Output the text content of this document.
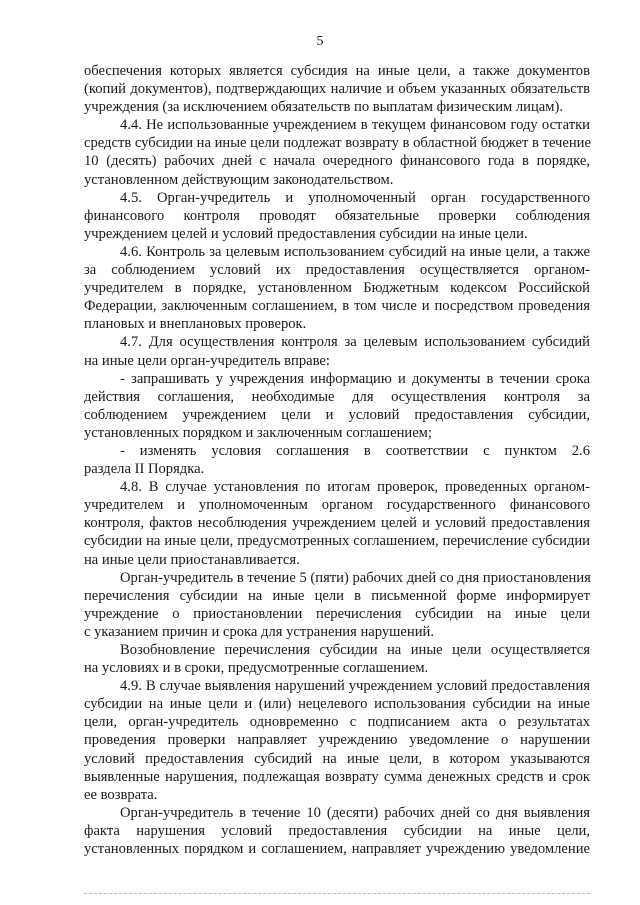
5
обеспечения которых является субсидия на иные цели, а также документов
(копий документов), подтверждающих наличие и объем указанных обязательств
учреждения (за исключением обязательств по выплатам физическим лицам).
4.4. Не использованные учреждением в текущем финансовом году остатки
средств субсидии на иные цели подлежат возврату в областной бюджет в течение
10 (десять) рабочих дней с начала очередного финансового года в порядке,
установленном действующим законодательством.
4.5. Орган-учредитель и уполномоченный орган государственного
финансового контроля проводят обязательные проверки соблюдения
учреждением целей и условий предоставления субсидии на иные цели.
4.6. Контроль за целевым использованием субсидий на иные цели, а также
за соблюдением условий их предоставления осуществляется органом-
учредителем в порядке, установленном Бюджетным кодексом Российской
Федерации, заключенным соглашением, в том числе и посредством проведения
плановых и внеплановых проверок.
4.7. Для осуществления контроля за целевым использованием субсидий
на иные цели орган-учредитель вправе:
- запрашивать у учреждения информацию и документы в течении срока
действия соглашения, необходимые для осуществления контроля за
соблюдением учреждением цели и условий предоставления субсидии,
установленных порядком и заключенным соглашением;
- изменять условия соглашения в соответствии с пунктом 2.6
раздела II Порядка.
4.8. В случае установления по итогам проверок, проведенных органом-
учредителем и уполномоченным органом государственного финансового
контроля, фактов несоблюдения учреждением целей и условий предоставления
субсидии на иные цели, предусмотренных соглашением, перечисление субсидии
на иные цели приостанавливается.
Орган-учредитель в течение 5 (пяти) рабочих дней со дня приостановления
перечисления субсидии на иные цели в письменной форме информирует
учреждение о приостановлении перечисления субсидии на иные цели
с указанием причин и срока для устранения нарушений.
Возобновление перечисления субсидии на иные цели осуществляется
на условиях и в сроки, предусмотренные соглашением.
4.9. В случае выявления нарушений учреждением условий предоставления
субсидии на иные цели и (или) нецелевого использования субсидии на иные
цели, орган-учредитель одновременно с подписанием акта о результатах
проведения проверки направляет учреждению уведомление о нарушении
условий предоставления субсидий на иные цели, в котором указываются
выявленные нарушения, подлежащая возврату сумма денежных средств и срок
ее возврата.
Орган-учредитель в течение 10 (десяти) рабочих дней со дня выявления
факта нарушения условий предоставления субсидии на иные цели,
установленных порядком и соглашением, направляет учреждению уведомление
